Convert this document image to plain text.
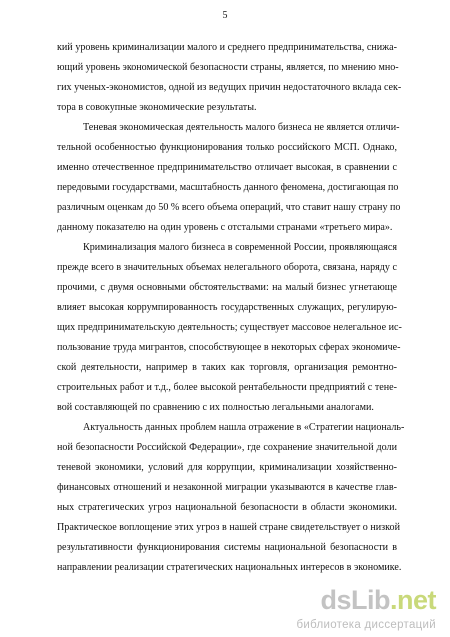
5
кий уровень криминализации малого и среднего предпринимательства, снижа-
ющий уровень экономической безопасности страны, является, по мнению мно-
гих ученых-экономистов, одной из ведущих причин недостаточного вклада сек-
тора в совокупные экономические результаты.
Теневая экономическая деятельность малого бизнеса не является отличи-
тельной особенностью функционирования только российского МСП. Однако,
именно отечественное предпринимательство отличает высокая, в сравнении с
передовыми государствами, масштабность данного феномена, достигающая по
различным оценкам до 50 % всего объема операций, что ставит нашу страну по
данному показателю на один уровень с отсталыми странами «третьего мира».
Криминализация малого бизнеса в современной России, проявляющаяся
прежде всего в значительных объемах нелегального оборота, связана, наряду с
прочими, с двумя основными обстоятельствами: на малый бизнес угнетающе
влияет высокая коррумпированность государственных служащих, регулирую-
щих предпринимательскую деятельность; существует массовое нелегальное ис-
пользование труда мигрантов, способствующее в некоторых сферах экономиче-
ской деятельности, например в таких как торговля, организация ремонтно-
строительных работ и т.д., более высокой рентабельности предприятий с тене-
вой составляющей по сравнению с их полностью легальными аналогами.
Актуальность данных проблем нашла отражение в «Стратегии националь-
ной безопасности Российской Федерации», где сохранение значительной доли
теневой экономики, условий для коррупции, криминализации хозяйственно-
финансовых отношений и незаконной миграции указываются в качестве глав-
ных стратегических угроз национальной безопасности в области экономики.
Практическое воплощение этих угроз в нашей стране свидетельствует о низкой
результативности функционирования системы национальной безопасности в
направлении реализации стратегических национальных интересов в экономике.
dsLib.net
библиотека диссертаций
